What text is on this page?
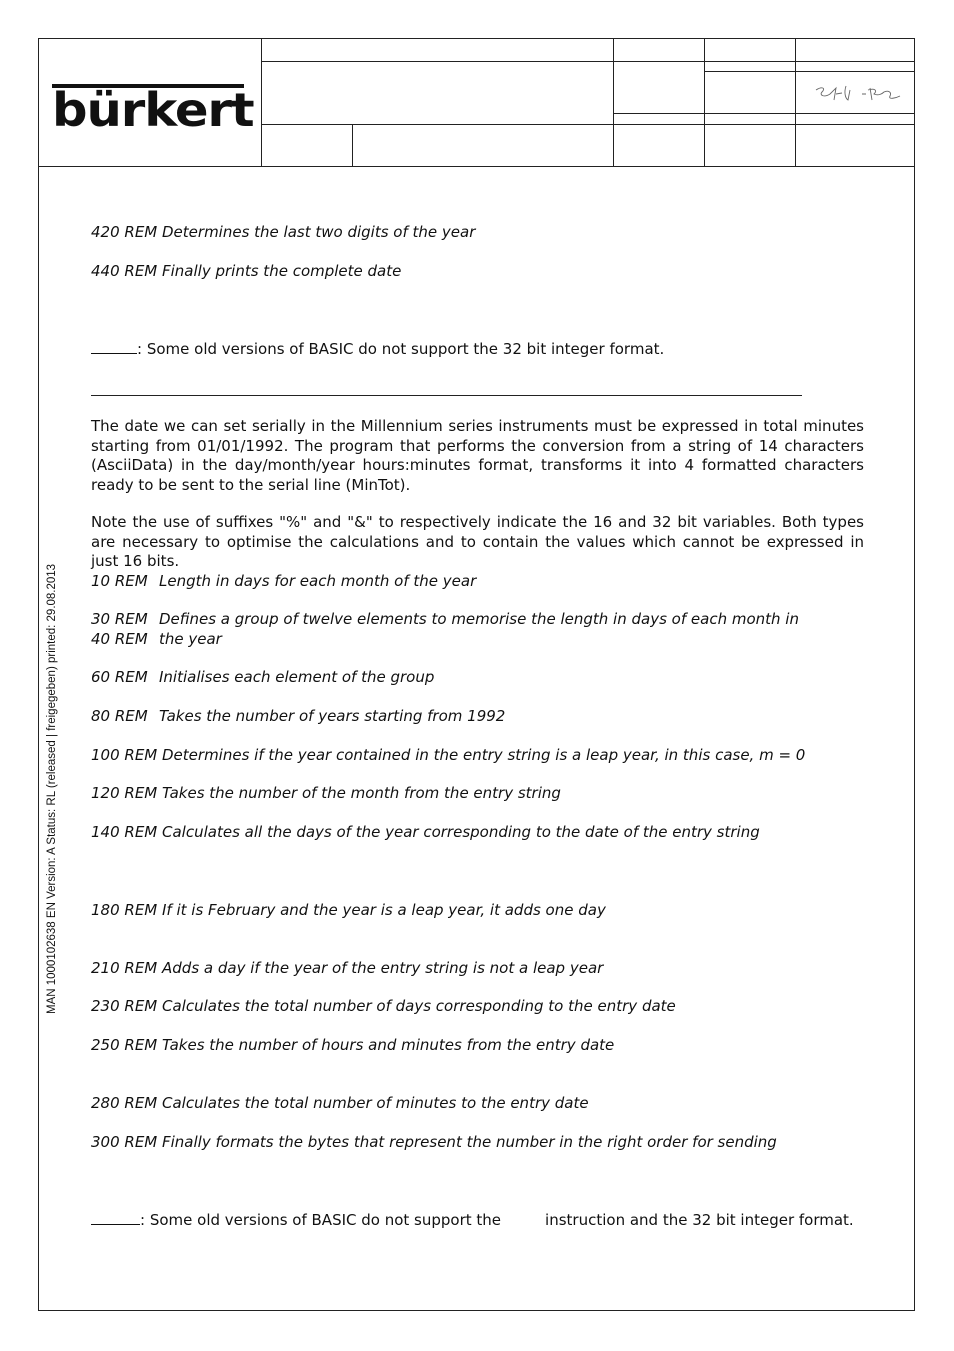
bürkert
MAN 1000102638 EN Version: A Status: RL (released | freigegeben) printed: 29.08.2013
420 REM Determines the last two digits of the year
440 REM Finally prints the complete date
: Some old versions of BASIC do not support the 32 bit integer format.
The date we can set serially in the Millennium series instruments must be expressed in total minutes starting from 01/01/1992. The program that performs the conversion from a string of 14 characters (AsciiData) in the day/month/year hours:minutes format, transforms it into 4 formatted characters ready to be sent to the serial line (MinTot).
Note the use of suffixes "%" and "&" to respectively indicate the 16 and 32 bit variables. Both types are necessary to optimise the calculations and to contain the values which cannot be expressed in just 16 bits.
10 REM Length in days for each month of the year
30 REM Defines a group of twelve elements to memorise the length in days of each month in
40 REM the year
60 REM Initialises each element of the group
80 REM Takes the number of years starting from 1992
100 REM Determines if the year contained in the entry string is a leap year, in this case, m = 0
120 REM Takes the number of the month from the entry string
140 REM Calculates all the days of the year corresponding to the date of the entry string
180 REM If it is February and the year is a leap year, it adds one day
210 REM Adds a day if the year of the entry string is not a leap year
230 REM Calculates the total number of days corresponding to the entry date
250 REM Takes the number of hours and minutes from the entry date
280 REM Calculates the total number of minutes to the entry date
300 REM Finally formats the bytes that represent the number in the right order for sending
: Some old versions of BASIC do not support the	instruction and the 32 bit integer format.
